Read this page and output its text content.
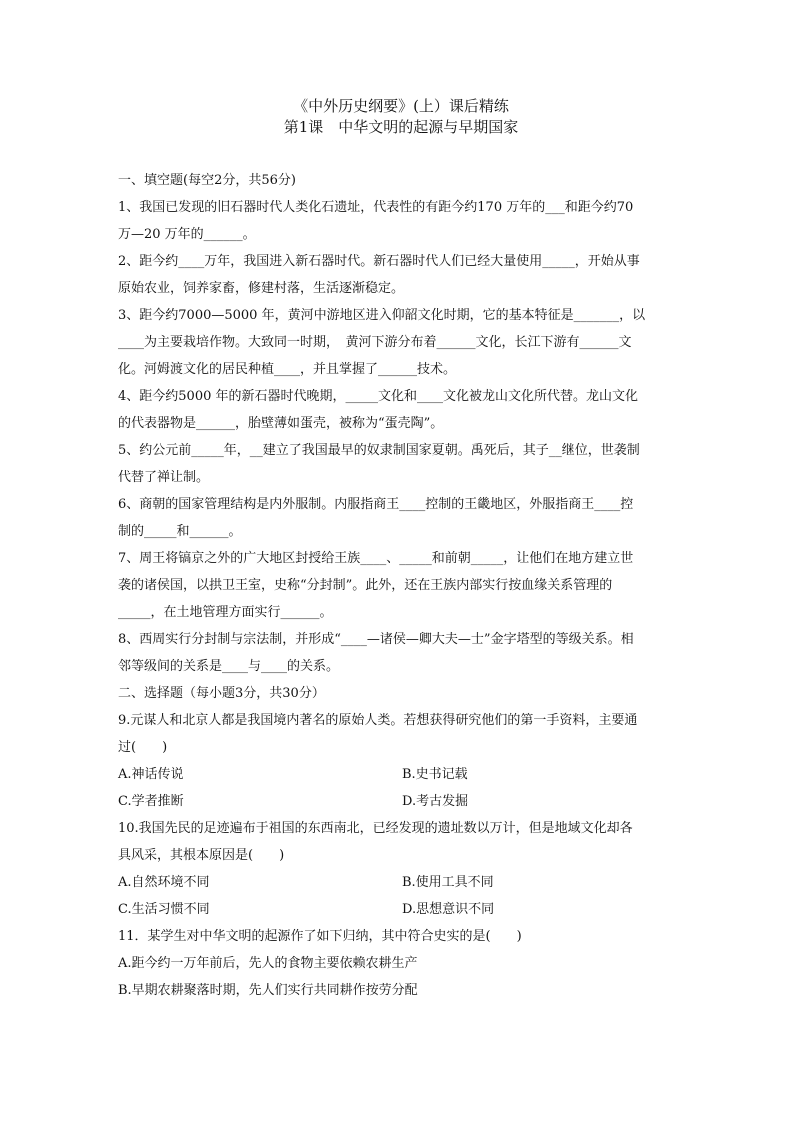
《中外历史纲要》(上）课后精练
第1课　中华文明的起源与早期国家
一、填空题(每空2分，共56分)
1、我国已发现的旧石器时代人类化石遗址，代表性的有距今约170 万年的___和距今约70
万—20 万年的______。
2、距今约____万年，我国进入新石器时代。新石器时代人们已经大量使用_____，开始从事
原始农业，饲养家畜，修建村落，生活逐渐稳定。
3、距今约7000—5000 年，黄河中游地区进入仰韶文化时期，它的基本特征是_______，以
____为主要栽培作物。大致同一时期，　黄河下游分布着______文化，长江下游有______文
化。河姆渡文化的居民种植____，并且掌握了______技术。
4、距今约5000 年的新石器时代晚期，_____文化和____文化被龙山文化所代替。龙山文化
的代表器物是______，胎壁薄如蛋壳，被称为“蛋壳陶”。
5、约公元前_____年，__建立了我国最早的奴隶制国家夏朝。禹死后，其子__继位，世袭制
代替了禅让制。
6、商朝的国家管理结构是内外服制。内服指商王____控制的王畿地区，外服指商王____控
制的_____和______。
7、周王将镐京之外的广大地区封授给王族____、_____和前朝_____，让他们在地方建立世
袭的诸侯国，以拱卫王室，史称“分封制”。此外，还在王族内部实行按血缘关系管理的
_____，在土地管理方面实行______。
8、西周实行分封制与宗法制，并形成“____—诸侯—卿大夫—士”金字塔型的等级关系。相
邻等级间的关系是____与____的关系。
二、选择题（每小题3分，共30分）
9.元谋人和北京人都是我国境内著名的原始人类。若想获得研究他们的第一手资料，主要通
过(　　)
A.神话传说	B.史书记载
C.学者推断	D.考古发掘
10.我国先民的足迹遍布于祖国的东西南北，已经发现的遗址数以万计，但是地域文化却各
具风采，其根本原因是(　　)
A.自然环境不同	B.使用工具不同
C.生活习惯不同	D.思想意识不同
11．某学生对中华文明的起源作了如下归纳，其中符合史实的是(　　)
A.距今约一万年前后，先人的食物主要依赖农耕生产
B.早期农耕聚落时期，先人们实行共同耕作按劳分配
